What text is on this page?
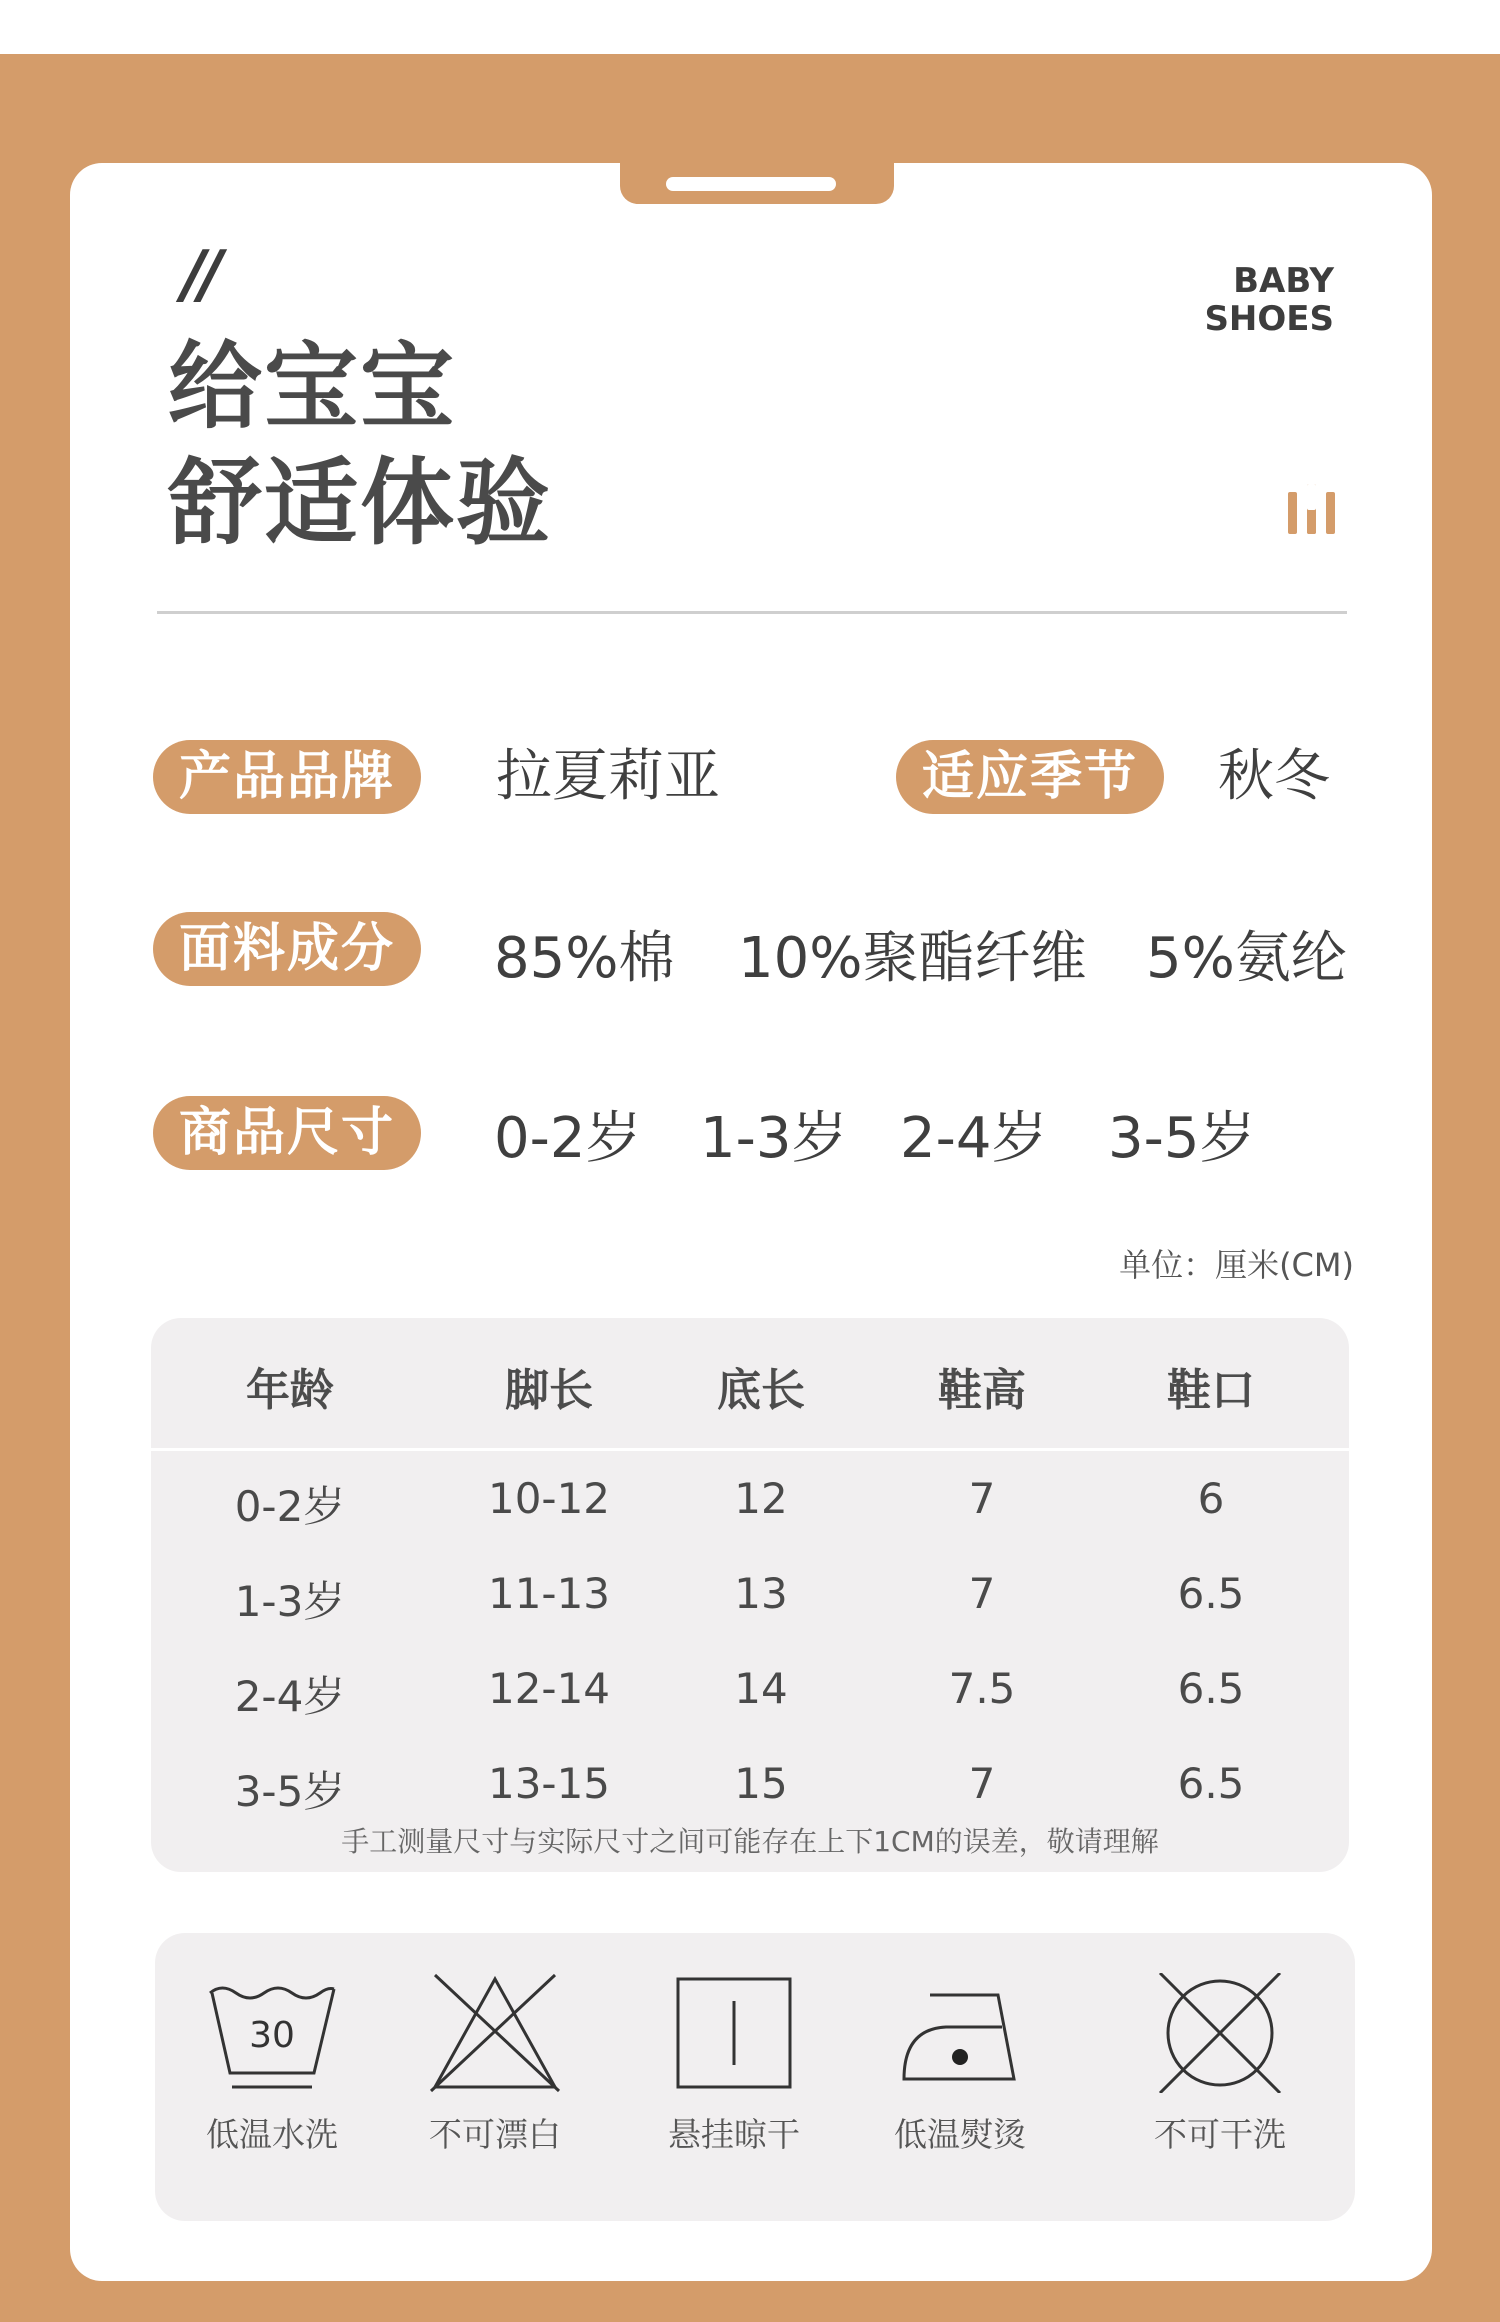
//
给宝宝
舒适体验
BABY
SHOES
产品品牌	拉夏莉亚	适应季节	秋冬
面料成分	85%棉 10%聚酯纤维 5%氨纶
商品尺寸	0-2岁 1-3岁 2-4岁 3-5岁
单位：厘米(CM)
年龄	脚长	底长	鞋高	鞋口
0-2岁	10-12	12	7	6
1-3岁	11-13	13	7	6.5
2-4岁	12-14	14	7.5	6.5
3-5岁	13-15	15	7	6.5
手工测量尺寸与实际尺寸之间可能存在上下1CM的误差，敬请理解
30
低温水洗	不可漂白	悬挂晾干	低温熨烫	不可干洗
